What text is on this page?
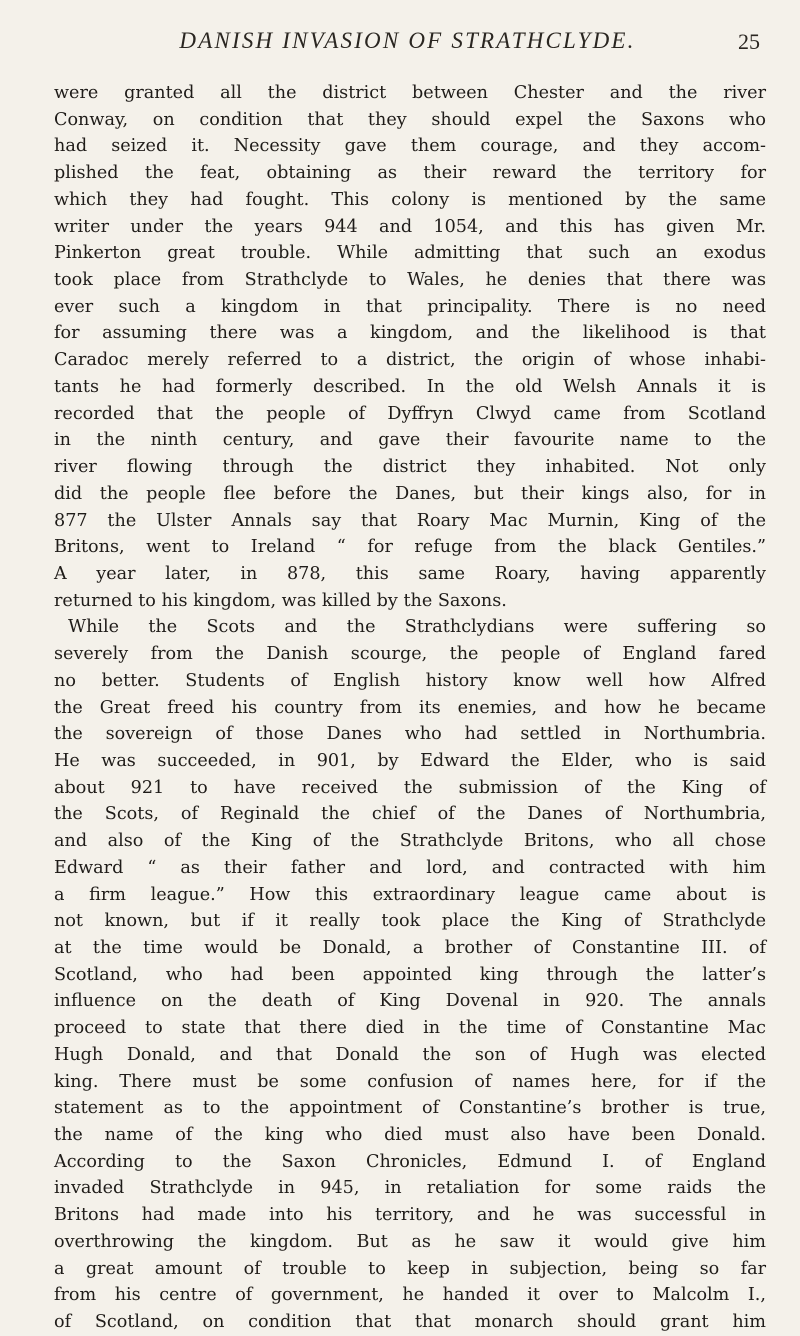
DANISH INVASION OF STRATHCLYDE.	25
were granted all the district between Chester and the river
Conway, on condition that they should expel the Saxons who
had seized it. Necessity gave them courage, and they accom-
plished the feat, obtaining as their reward the territory for
which they had fought. This colony is mentioned by the same
writer under the years 944 and 1054, and this has given Mr.
Pinkerton great trouble. While admitting that such an exodus
took place from Strathclyde to Wales, he denies that there was
ever such a kingdom in that principality. There is no need
for assuming there was a kingdom, and the likelihood is that
Caradoc merely referred to a district, the origin of whose inhabi-
tants he had formerly described. In the old Welsh Annals it is
recorded that the people of Dyffryn Clwyd came from Scotland
in the ninth century, and gave their favourite name to the
river flowing through the district they inhabited. Not only
did the people flee before the Danes, but their kings also, for in
877 the Ulster Annals say that Roary Mac Murnin, King of the
Britons, went to Ireland “ for refuge from the black Gentiles.”
A year later, in 878, this same Roary, having apparently
returned to his kingdom, was killed by the Saxons.
While the Scots and the Strathclydians were suffering so
severely from the Danish scourge, the people of England fared
no better. Students of English history know well how Alfred
the Great freed his country from its enemies, and how he became
the sovereign of those Danes who had settled in Northumbria.
He was succeeded, in 901, by Edward the Elder, who is said
about 921 to have received the submission of the King of
the Scots, of Reginald the chief of the Danes of Northumbria,
and also of the King of the Strathclyde Britons, who all chose
Edward “ as their father and lord, and contracted with him
a firm league.” How this extraordinary league came about is
not known, but if it really took place the King of Strathclyde
at the time would be Donald, a brother of Constantine III. of
Scotland, who had been appointed king through the latter’s
influence on the death of King Dovenal in 920. The annals
proceed to state that there died in the time of Constantine Mac
Hugh Donald, and that Donald the son of Hugh was elected
king. There must be some confusion of names here, for if the
statement as to the appointment of Constantine’s brother is true,
the name of the king who died must also have been Donald.
According to the Saxon Chronicles, Edmund I. of England
invaded Strathclyde in 945, in retaliation for some raids the
Britons had made into his territory, and he was successful in
overthrowing the kingdom. But as he saw it would give him
a great amount of trouble to keep in subjection, being so far
from his centre of government, he handed it over to Malcolm I.,
of Scotland, on condition that that monarch should grant him
